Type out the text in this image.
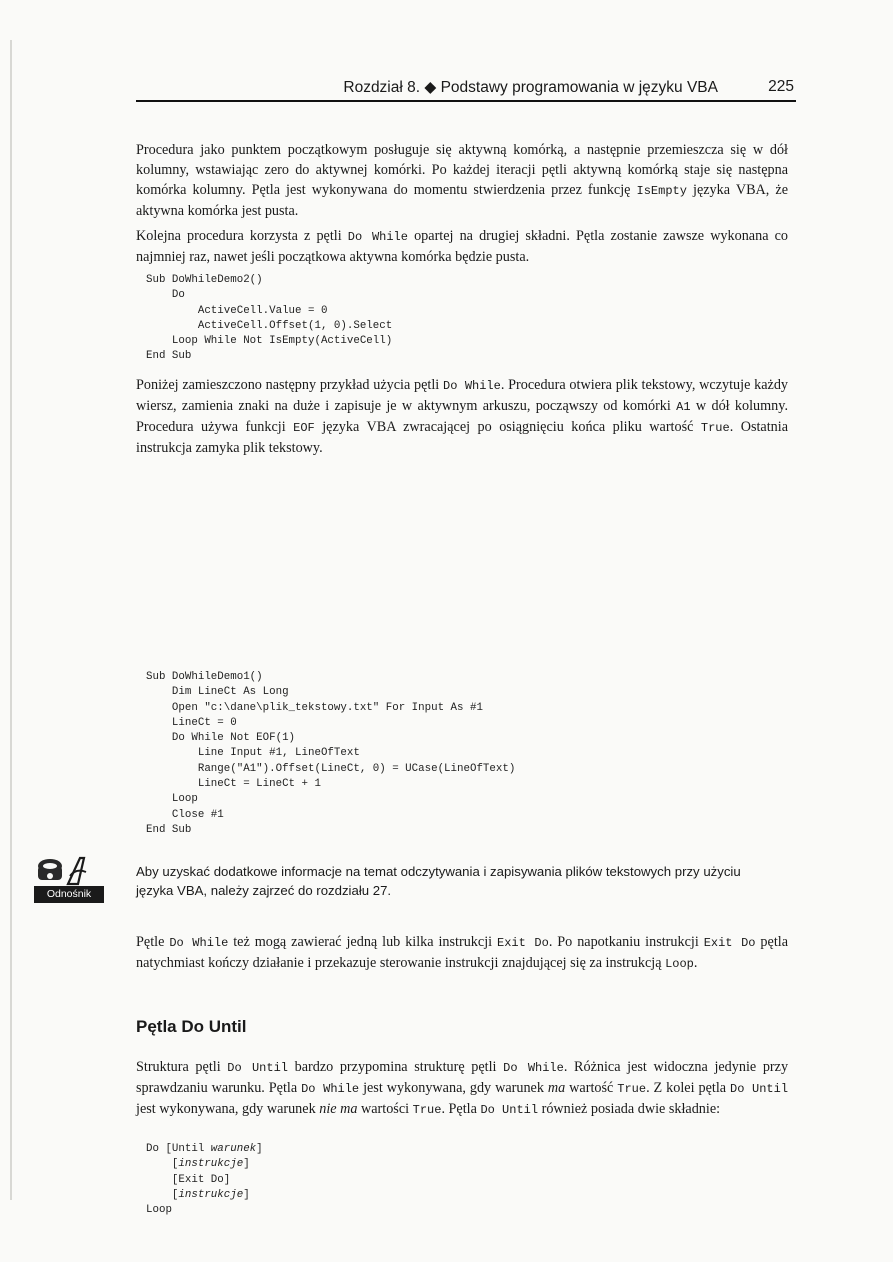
Rozdział 8. ◆ Podstawy programowania w języku VBA	225

Procedura jako punktem początkowym posługuje się aktywną komórką, a następnie przemieszcza się w dół kolumny, wstawiając zero do aktywnej komórki. Po każdej iteracji pętli aktywną komórką staje się następna komórka kolumny. Pętla jest wykonywana do momentu stwierdzenia przez funkcję IsEmpty języka VBA, że aktywna komórka jest pusta.

Kolejna procedura korzysta z pętli Do While opartej na drugiej składni. Pętla zostanie zawsze wykonana co najmniej raz, nawet jeśli początkowa aktywna komórka będzie pusta.

Sub DoWhileDemo2()
Do
ActiveCell.Value = 0
ActiveCell.Offset(1, 0).Select
Loop While Not IsEmpty(ActiveCell)
End Sub

Poniżej zamieszczono następny przykład użycia pętli Do While. Procedura otwiera plik tekstowy, wczytuje każdy wiersz, zamienia znaki na duże i zapisuje je w aktywnym arkuszu, począwszy od komórki A1 w dół kolumny. Procedura używa funkcji EOF języka VBA zwracającej po osiągnięciu końca pliku wartość True. Ostatnia instrukcja zamyka plik tekstowy.

Sub DoWhileDemo1()
Dim LineCt As Long
Open "c:\dane\plik_tekstowy.txt" For Input As #1
LineCt = 0
Do While Not EOF(1)
Line Input #1, LineOfText
Range("A1").Offset(LineCt, 0) = UCase(LineOfText)
LineCt = LineCt + 1
Loop
Close #1
End Sub
Odnośnik

Aby uzyskać dodatkowe informacje na temat odczytywania i zapisywania plików tekstowych przy użyciu języka VBA, należy zajrzeć do rozdziału 27.

Pętle Do While też mogą zawierać jedną lub kilka instrukcji Exit Do. Po napotkaniu instrukcji Exit Do pętla natychmiast kończy działanie i przekazuje sterowanie instrukcji znajdującej się za instrukcją Loop.

Pętla Do Until

Struktura pętli Do Until bardzo przypomina strukturę pętli Do While. Różnica jest widoczna jedynie przy sprawdzaniu warunku. Pętla Do While jest wykonywana, gdy warunek ma wartość True. Z kolei pętla Do Until jest wykonywana, gdy warunek nie ma wartości True. Pętla Do Until również posiada dwie składnie:

Do [Until warunek]
[instrukcje]
[Exit Do]
[instrukcje]
Loop
